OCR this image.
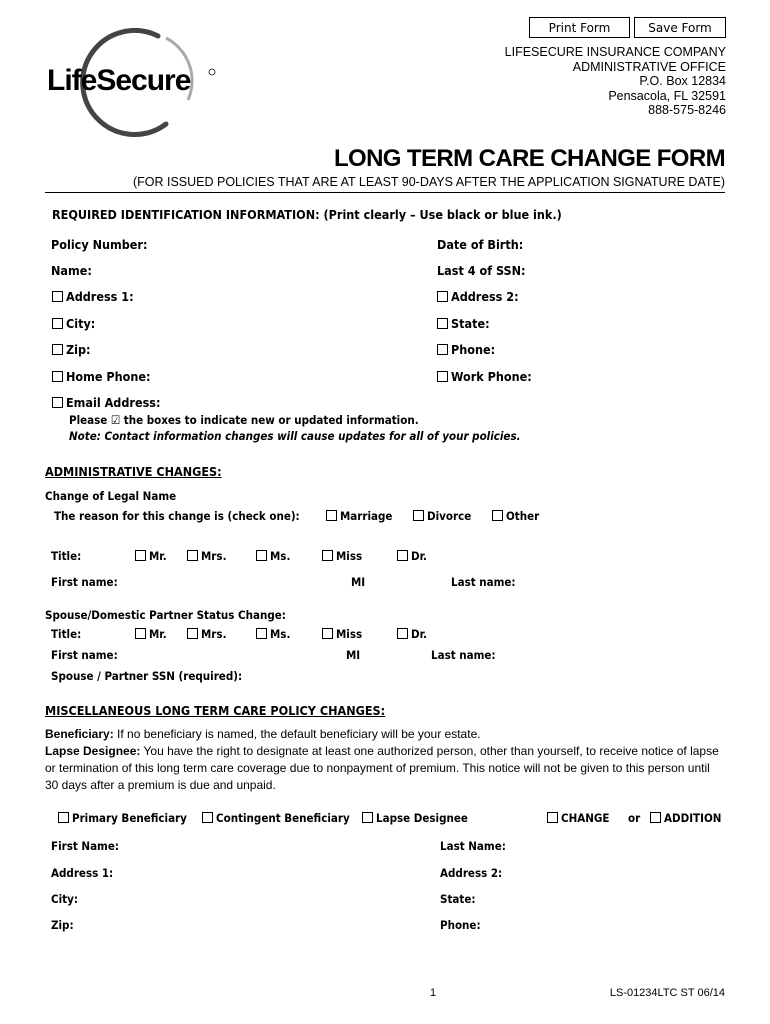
Print Form	Save Form
LifeSecure
LIFESECURE INSURANCE COMPANY
ADMINISTRATIVE OFFICE
P.O. Box 12834
Pensacola, FL 32591
888-575-8246
LONG TERM CARE CHANGE FORM
(FOR ISSUED POLICIES THAT ARE AT LEAST 90-DAYS AFTER THE APPLICATION SIGNATURE DATE)
REQUIRED IDENTIFICATION INFORMATION: (Print clearly – Use black or blue ink.)
Policy Number:	Date of Birth:
Name:	Last 4 of SSN:
Address 1:	Address 2:
City:	State:
Zip:	Phone:
Home Phone:	Work Phone:
Email Address:
Please ☑ the boxes to indicate new or updated information.
Note: Contact information changes will cause updates for all of your policies.
ADMINISTRATIVE CHANGES:
Change of Legal Name
The reason for this change is (check one):	Marriage	Divorce	Other
Title:	Mr.	Mrs.	Ms.	Miss	Dr.
First name:	MI	Last name:
Spouse/Domestic Partner Status Change:
Title:	Mr.	Mrs.	Ms.	Miss	Dr.
First name:	MI	Last name:
Spouse / Partner SSN (required):
MISCELLANEOUS LONG TERM CARE POLICY CHANGES:
Beneficiary: If no beneficiary is named, the default beneficiary will be your estate.
Lapse Designee: You have the right to designate at least one authorized person, other than yourself, to receive notice of lapse or termination of this long term care coverage due to nonpayment of premium. This notice will not be given to this person until 30 days after a premium is due and unpaid.
Primary Beneficiary	Contingent Beneficiary	Lapse Designee	CHANGE or	ADDITION
First Name:	Last Name:
Address 1:	Address 2:
City:	State:
Zip:	Phone:
1	LS-01234LTC ST 06/14
